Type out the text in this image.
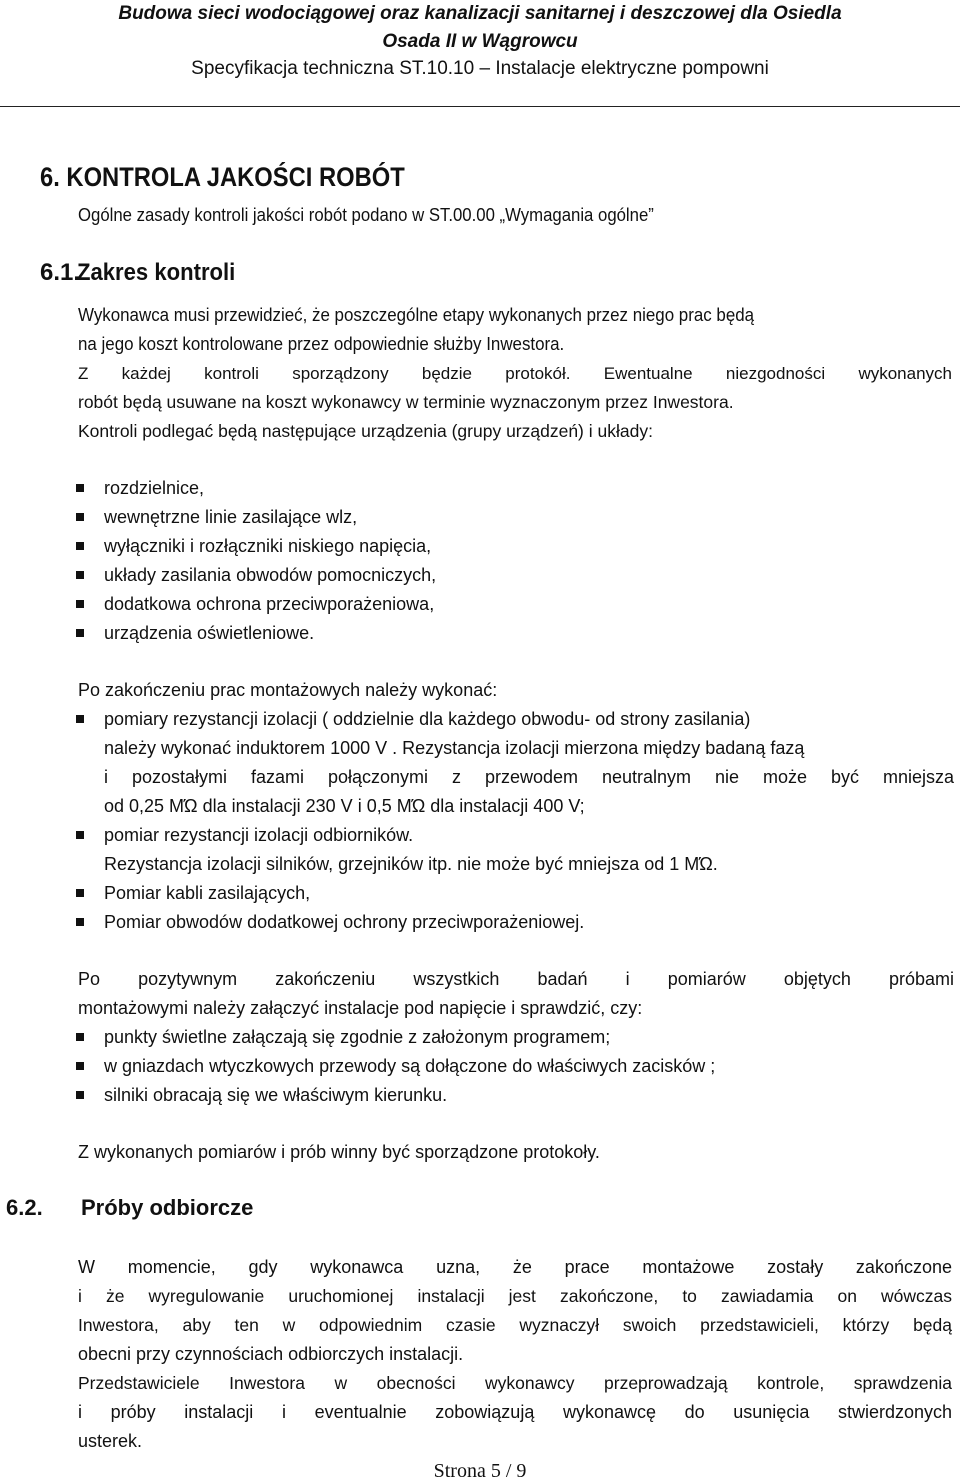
Budowa sieci wodociągowej oraz kanalizacji sanitarnej i deszczowej dla Osiedla

Osada II w Wągrowcu

Specyfikacja techniczna ST.10.10 – Instalacje elektryczne pompowni

6. KONTROLA JAKOŚCI ROBÓT

Ogólne zasady kontroli jakości robót podano w ST.00.00 „Wymagania ogólne”

6.1.
Zakres kontroli
Wykonawca musi przewidzieć, że poszczególne etapy wykonanych przez niego prac będą
na jego koszt kontrolowane przez odpowiednie służby Inwestora.
Z każdej kontroli sporządzony będzie protokół. Ewentualne niezgodności wykonanych
robót będą usuwane na koszt wykonawcy w terminie wyznaczonym przez Inwestora.
Kontroli podlegać będą następujące urządzenia (grupy urządzeń) i układy:
rozdzielnice,
wewnętrzne linie zasilające wlz,
wyłączniki i rozłączniki niskiego napięcia,
układy zasilania obwodów pomocniczych,
dodatkowa ochrona przeciwporażeniowa,
urządzenia oświetleniowe.

Po zakończeniu prac montażowych należy wykonać:

pomiary rezystancji izolacji ( oddzielnie dla każdego obwodu- od strony zasilania)
należy wykonać induktorem 1000 V . Rezystancja izolacji mierzona między badaną fazą
i pozostałymi fazami połączonymi z przewodem neutralnym nie może być mniejsza
od 0,25 MΏ dla instalacji 230 V i 0,5 MΏ dla instalacji 400 V;
pomiar rezystancji izolacji odbiorników.
Rezystancja izolacji silników, grzejników itp. nie może być mniejsza od 1 MΏ.
Pomiar kabli zasilających,
Pomiar obwodów dodatkowej ochrony przeciwporażeniowej.
Po pozytywnym zakończeniu wszystkich badań i pomiarów objętych próbami
montażowymi należy załączyć instalacje pod napięcie i sprawdzić, czy:
punkty świetlne załączają się zgodnie z założonym programem;
w gniazdach wtyczkowych przewody są dołączone do właściwych zacisków ;
silniki obracają się we właściwym kierunku.

Z wykonanych pomiarów i prób winny być sporządzone protokoły.

6.2. Próby odbiorcze
W momencie, gdy wykonawca uzna, że prace montażowe zostały zakończone
i że wyregulowanie uruchomionej instalacji jest zakończone, to zawiadamia on wówczas
Inwestora, aby ten w odpowiednim czasie wyznaczył swoich przedstawicieli, którzy będą
obecni przy czynnościach odbiorczych instalacji.
Przedstawiciele Inwestora w obecności wykonawcy przeprowadzają kontrole, sprawdzenia
i próby instalacji i eventualnie zobowiązują wykonawcę do usunięcia stwierdzonych
usterek.

Strona 5 / 9
